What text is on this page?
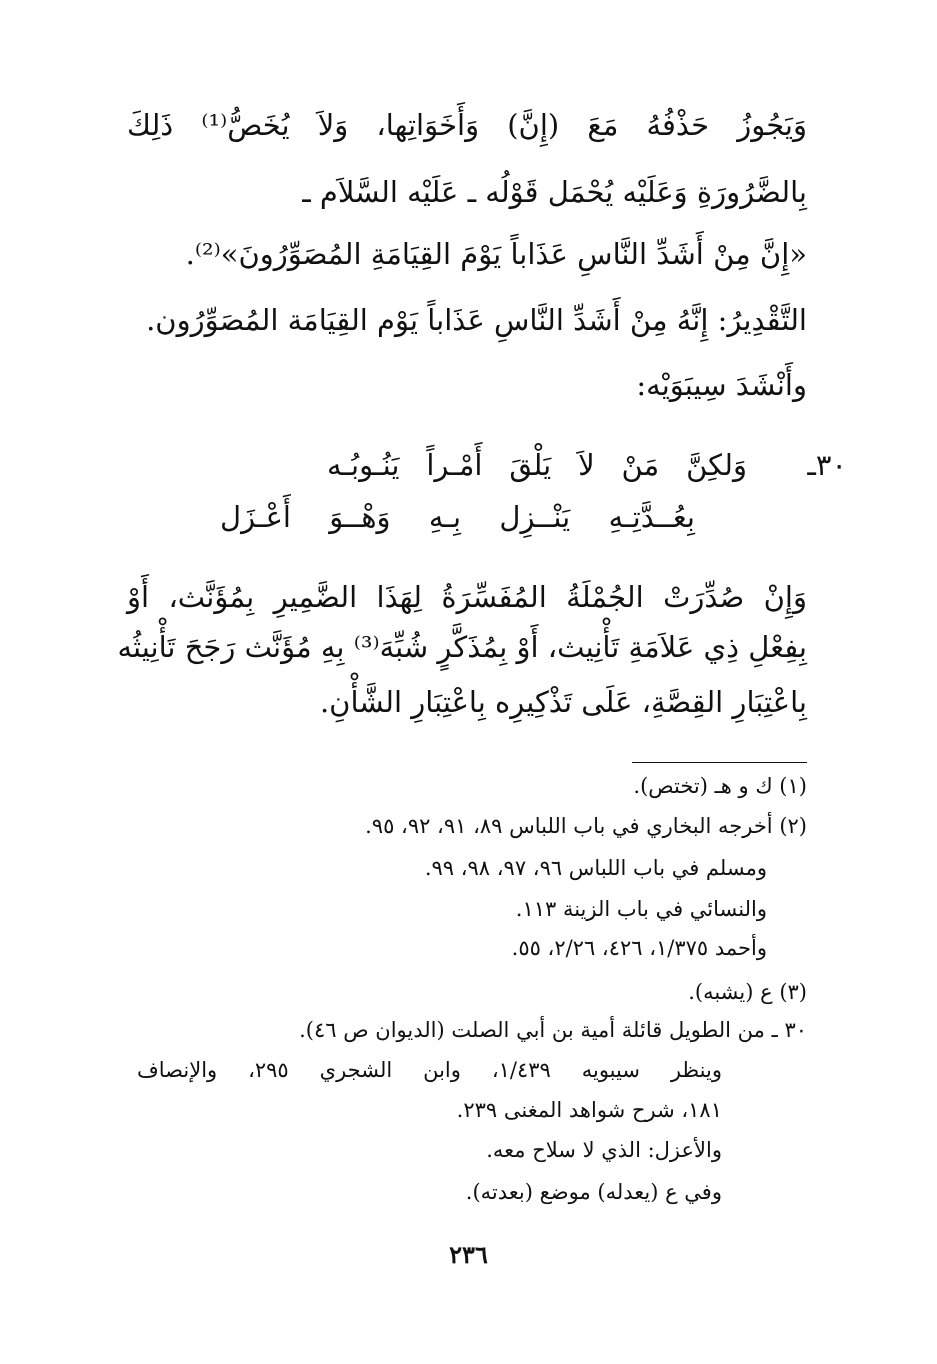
وَيَجُوزُ حَذْفُهُ مَعَ (إِنَّ) وَأَخَوَاتِها، وَلاَ يُخَصُّ⁽¹⁾ ذَلِكَ
بِالضَّرُورَةِ وَعَلَيْه يُحْمَل قَوْلُه ـ عَلَيْه السَّلاَم ـ
«إِنَّ مِنْ أَشَدِّ النَّاسِ عَذَاباً يَوْمَ القِيَامَةِ المُصَوِّرُونَ»⁽²⁾.
التَّقْدِيرُ: إِنَّهُ مِنْ أَشَدِّ النَّاسِ عَذَاباً يَوْم القِيَامَة المُصَوِّرُون.
وأَنْشَدَ سِيبَوَيْه:
٣٠ـ
وَلكِنَّ مَنْ لاَ يَلْقَ أَمْـراً يَنُـوبُـه
بِعُــدَّتِـهِ يَنْــزِل بِـهِ وَهْــوَ أَعْـزَل
وَإِنْ صُدِّرَتْ الجُمْلَةُ المُفَسِّرَةُ لِهَذَا الضَّمِيرِ بِمُؤَنَّث، أَوْ
بِفِعْلِ ذِي عَلاَمَةِ تَأْنِيث، أَوْ بِمُذَكَّرٍ شُبِّهَ⁽³⁾ بِهِ مُؤَنَّث رَجَحَ تَأْنِيثُه
بِاعْتِبَارِ القِصَّةِ، عَلَى تَذْكِيرِه بِاعْتِبَارِ الشَّأْنِ.
(١) ك و هـ (تختص).
(٢) أخرجه البخاري في باب اللباس ٨٩، ٩١، ٩٢، ٩٥.
ومسلم في باب اللباس ٩٦، ٩٧، ٩٨، ٩٩.
والنسائي في باب الزينة ١١٣.
وأحمد ١/٣٧٥، ٤٢٦، ٢/٢٦، ٥٥.
(٣) ع (يشبه).
٣٠ ـ من الطويل قائلة أمية بن أبي الصلت (الديوان ص ٤٦).
وينظر سيبويه ١/٤٣٩، وابن الشجري ٢٩٥، والإنصاف
١٨١، شرح شواهد المغنى ٢٣٩.
والأعزل: الذي لا سلاح معه.
وفي ع (يعدله) موضع (بعدته).
٢٣٦
